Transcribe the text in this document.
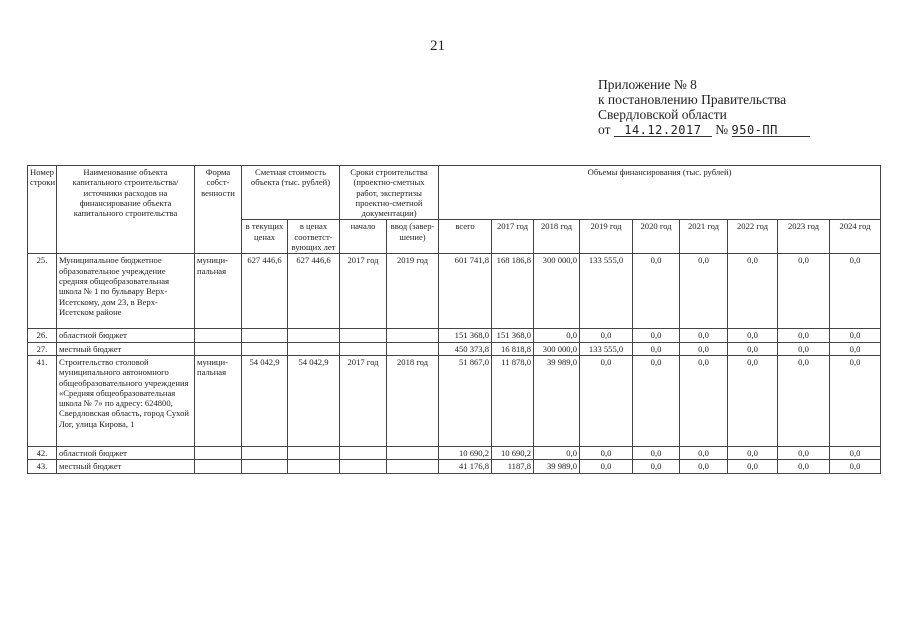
21
Приложение № 8
к постановлению Правительства
Свердловской области
от 14.12.2017 № 950-ПП
Номер строки	Наименование объекта капитального строительства/ источники расходов на финансирование объекта капитального строительства	Форма собст-венности	Сметная стоимость объекта (тыс. рублей)		Сроки строительства (проектно-сметных работ, экспертизы проектно-сметной документации)		Объемы финансирования (тыс. рублей)								
			в текущих ценах	в ценах соответст-вующих лет	начало	ввод (завер-шение)	всего	2017 год	2018 год	2019 год	2020 год	2021 год	2022 год	2023 год	2024 год
25.	Муниципальное бюджетное образовательное учреждение средняя общеобразовательная школа № 1 по бульвару Верх-Исетскому, дом 23, в Верх-Исетском районе	муници-пальная	627 446,6	627 446,6	2017 год	2019 год	601 741,8	168 186,8	300 000,0	133 555,0	0,0	0,0	0,0	0,0	0,0
26.	областной бюджет						151 368,0	151 368,0	0,0	0,0	0,0	0,0	0,0	0,0	0,0
27.	местный бюджет						450 373,8	16 818,8	300 000,0	133 555,0	0,0	0,0	0,0	0,0	0,0
41.	Строительство столовой муниципального автономного общеобразовательного учреждения «Средняя общеобразовательная школа № 7» по адресу: 624800, Свердловская область, город Сухой Лог, улица Кирова, 1	муници-пальная	54 042,9	54 042,9	2017 год	2018 год	51 867,0	11 878,0	39 989,0	0,0	0,0	0,0	0,0	0,0	0,0
42.	областной бюджет						10 690,2	10 690,2	0,0	0,0	0,0	0,0	0,0	0,0	0,0
43.	местный бюджет						41 176,8	1187,8	39 989,0	0,0	0,0	0,0	0,0	0,0	0,0
